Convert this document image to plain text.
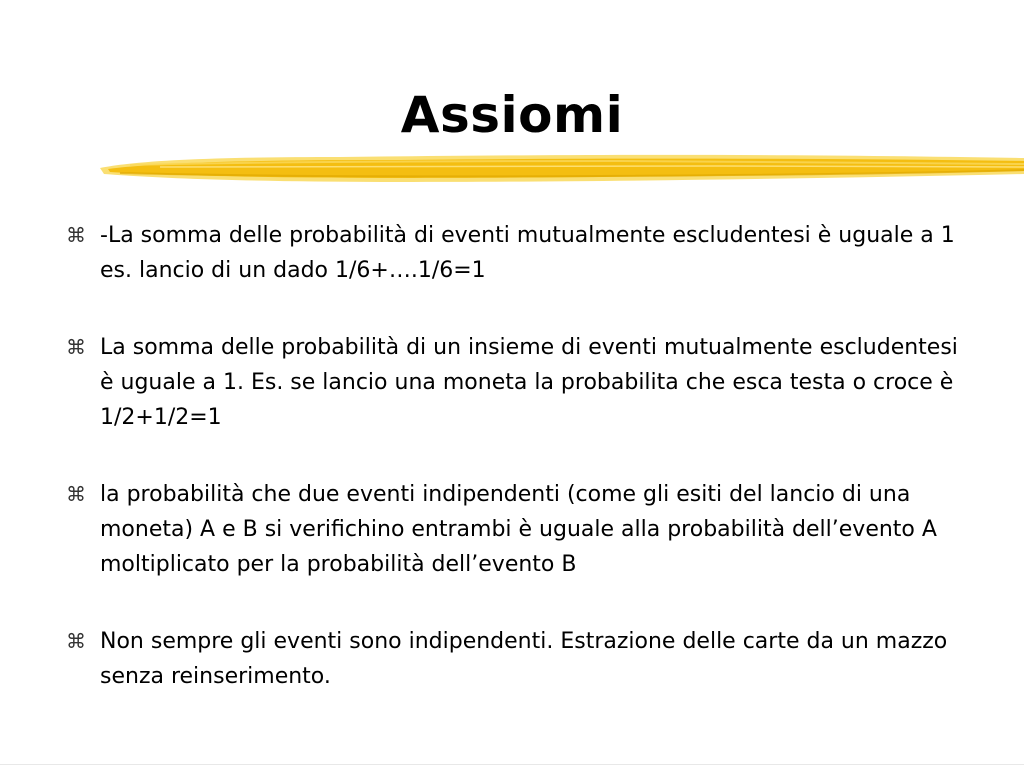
Assiomi
⌘ -La somma delle probabilità di eventi mutualmente escludentesi è uguale a 1 es. lancio di un dado 1/6+….1/6=1
⌘ La somma delle probabilità di un insieme di eventi mutualmente escludentesi è uguale a 1. Es. se lancio una moneta la probabilita che esca testa o croce è 1/2+1/2=1
⌘ la probabilità che due eventi indipendenti (come gli esiti del lancio di una moneta) A e B si verifichino entrambi è uguale alla probabilità dell’evento A moltiplicato per la probabilità dell’evento B
⌘ Non sempre gli eventi sono indipendenti. Estrazione delle carte da un mazzo senza reinserimento.
